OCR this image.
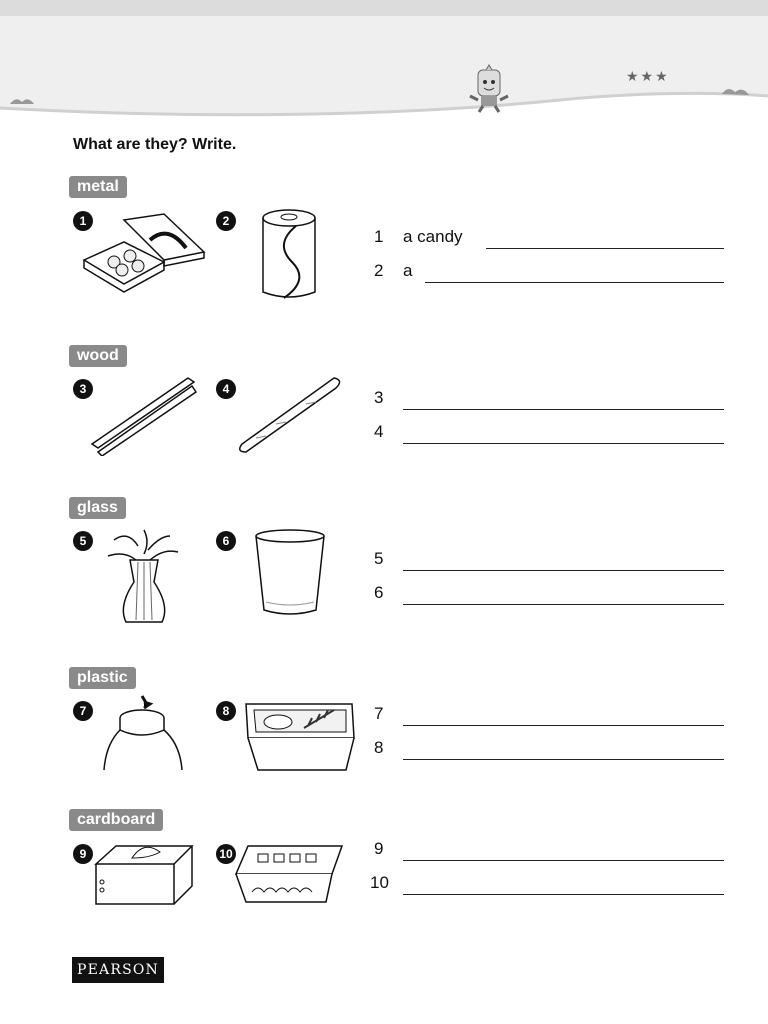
★★★
What are they? Write.
metal
1	2
wood
3	4
glass
5	6
plastic
7	8
cardboard
9	10
1 a candy
2 a
3
4
5
6
7
8
9
10
PEARSON
